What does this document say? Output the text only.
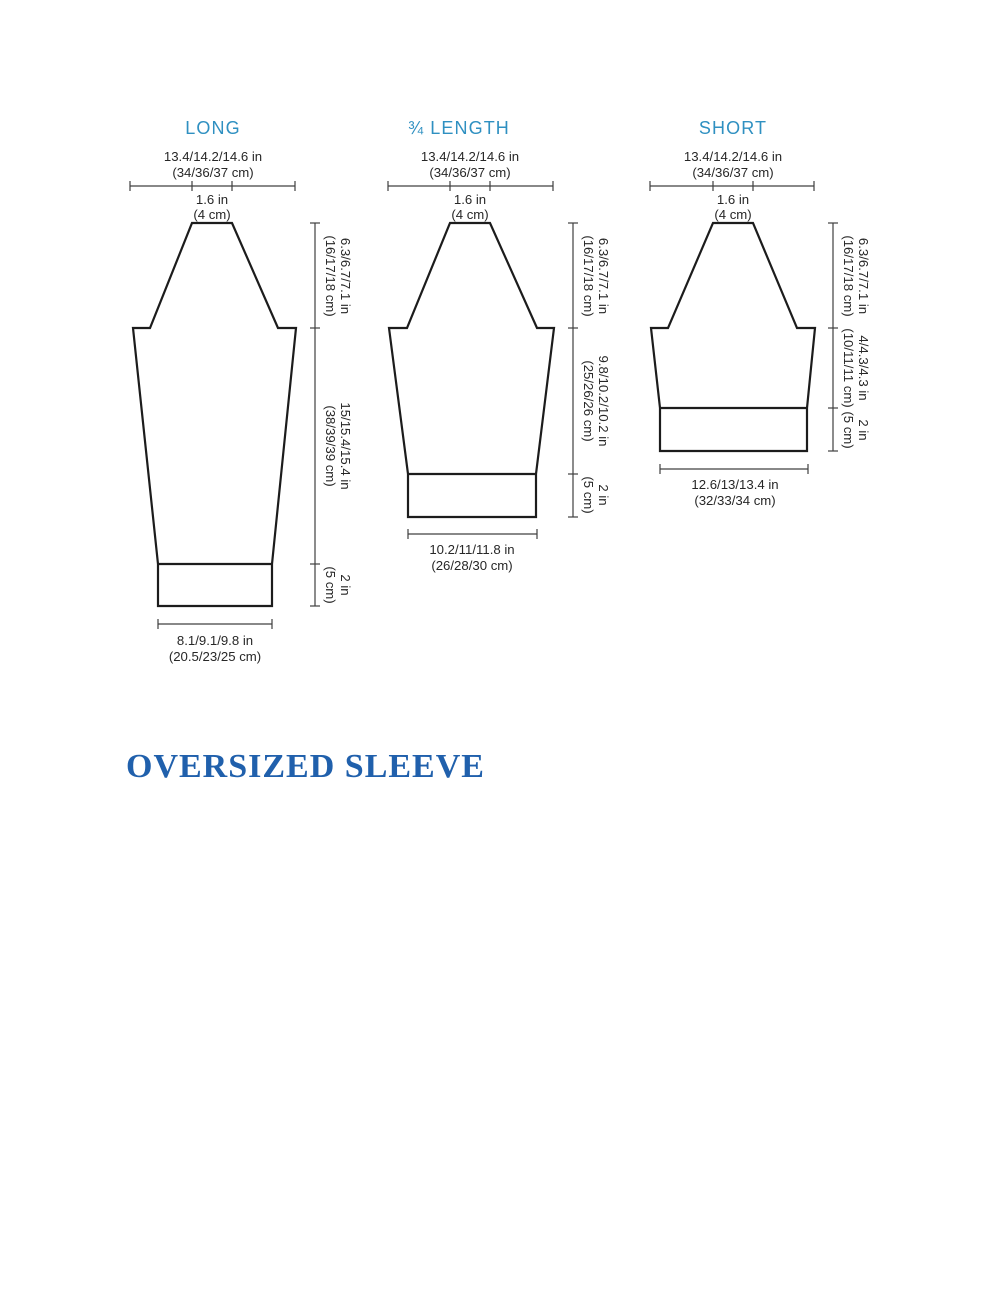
LONG
13.4/14.2/14.6 in
(34/36/37 cm)
1.6 in
(4 cm)
6.3/6.7/7.1 in
(16/17/18 cm)
15/15.4/15.4 in
(38/39/39 cm)
2 in
(5 cm)
8.1/9.1/9.8 in
(20.5/23/25 cm)
¾ LENGTH
13.4/14.2/14.6 in
(34/36/37 cm)
1.6 in
(4 cm)
6.3/6.7/7.1 in
(16/17/18 cm)
9.8/10.2/10.2 in
(25/26/26 cm)
2 in
(5 cm)
10.2/11/11.8 in
(26/28/30 cm)
SHORT
13.4/14.2/14.6 in
(34/36/37 cm)
1.6 in
(4 cm)
6.3/6.7/7.1 in
(16/17/18 cm)
4/4.3/4.3 in
(10/11/11 cm)
2 in
(5 cm)
12.6/13/13.4 in
(32/33/34 cm)
OVERSIZED SLEEVE
